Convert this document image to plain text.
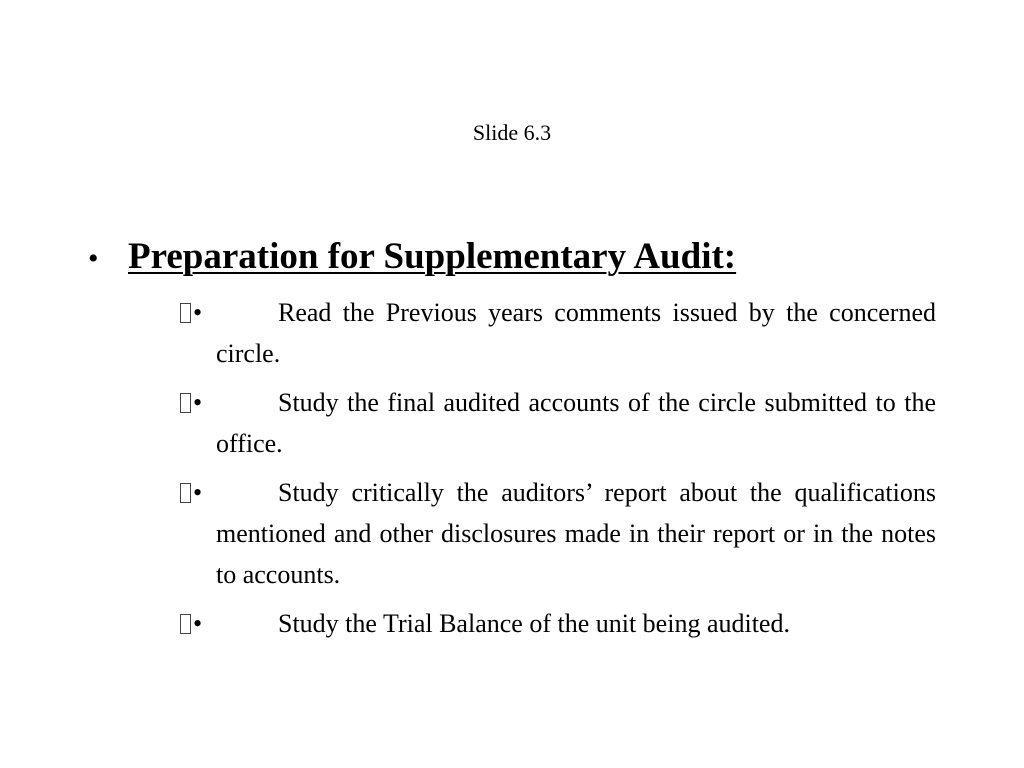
Slide 6.3
• Preparation for Supplementary Audit:
•	Read the Previous years comments issued by the concerned circle.
•	Study the final audited accounts of the circle submitted to the office.
•	Study critically the auditors’ report about the qualifications mentioned and other disclosures made in their report or in the notes to accounts.
•	Study the Trial Balance of the unit being audited.
